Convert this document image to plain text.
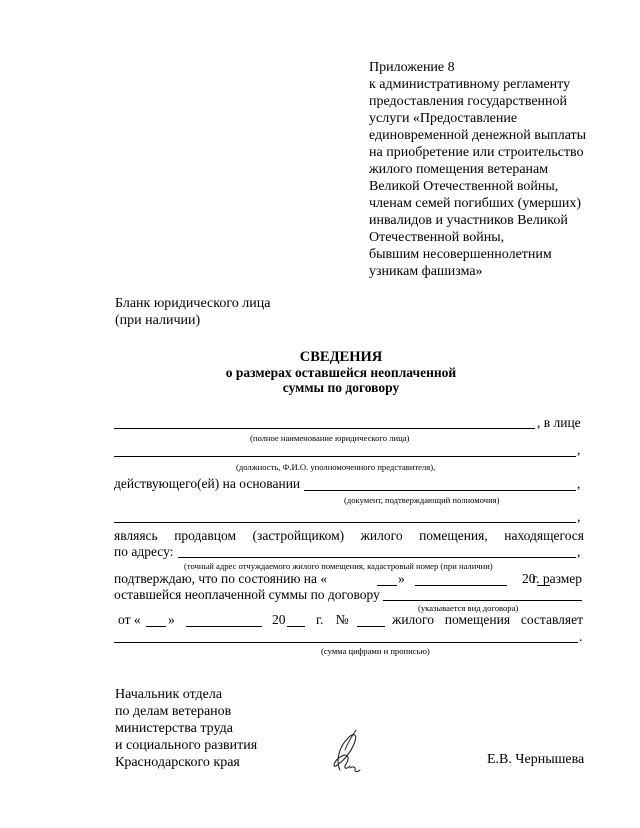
Приложение 8
к административному регламенту
предоставления государственной
услуги «Предоставление
единовременной денежной выплаты
на приобретение или строительство
жилого помещения ветеранам
Великой Отечественной войны,
членам семей погибших (умерших)
инвалидов и участников Великой
Отечественной войны,
бывшим несовершеннолетним
узникам фашизма»
Бланк юридического лица
(при наличии)
СВЕДЕНИЯ
о размерах оставшейся неоплаченной
суммы по договору
, в лице
(полное наименование юридического лица)
,
(должность, Ф.И.О. уполномоченного представителя),
действующего(ей) на основании	,
(документ, подтверждающий полномочия)
,
являясь продавцом (застройщиком) жилого помещения, находящегося
по адресу:	,
(точный адрес отчуждаемого жилого помещения, кадастровый номер (при наличии)
подтверждаю, что по состоянию на «	»	20
г. размер
оставшейся неоплаченной суммы по договору
(указывается вид договора)
от « »	20 г. №	жилого помещения составляет
.
(сумма цифрами и прописью)
Начальник отдела
по делам ветеранов
министерства труда
и социального развития
Краснодарского края	Е.В. Чернышева
